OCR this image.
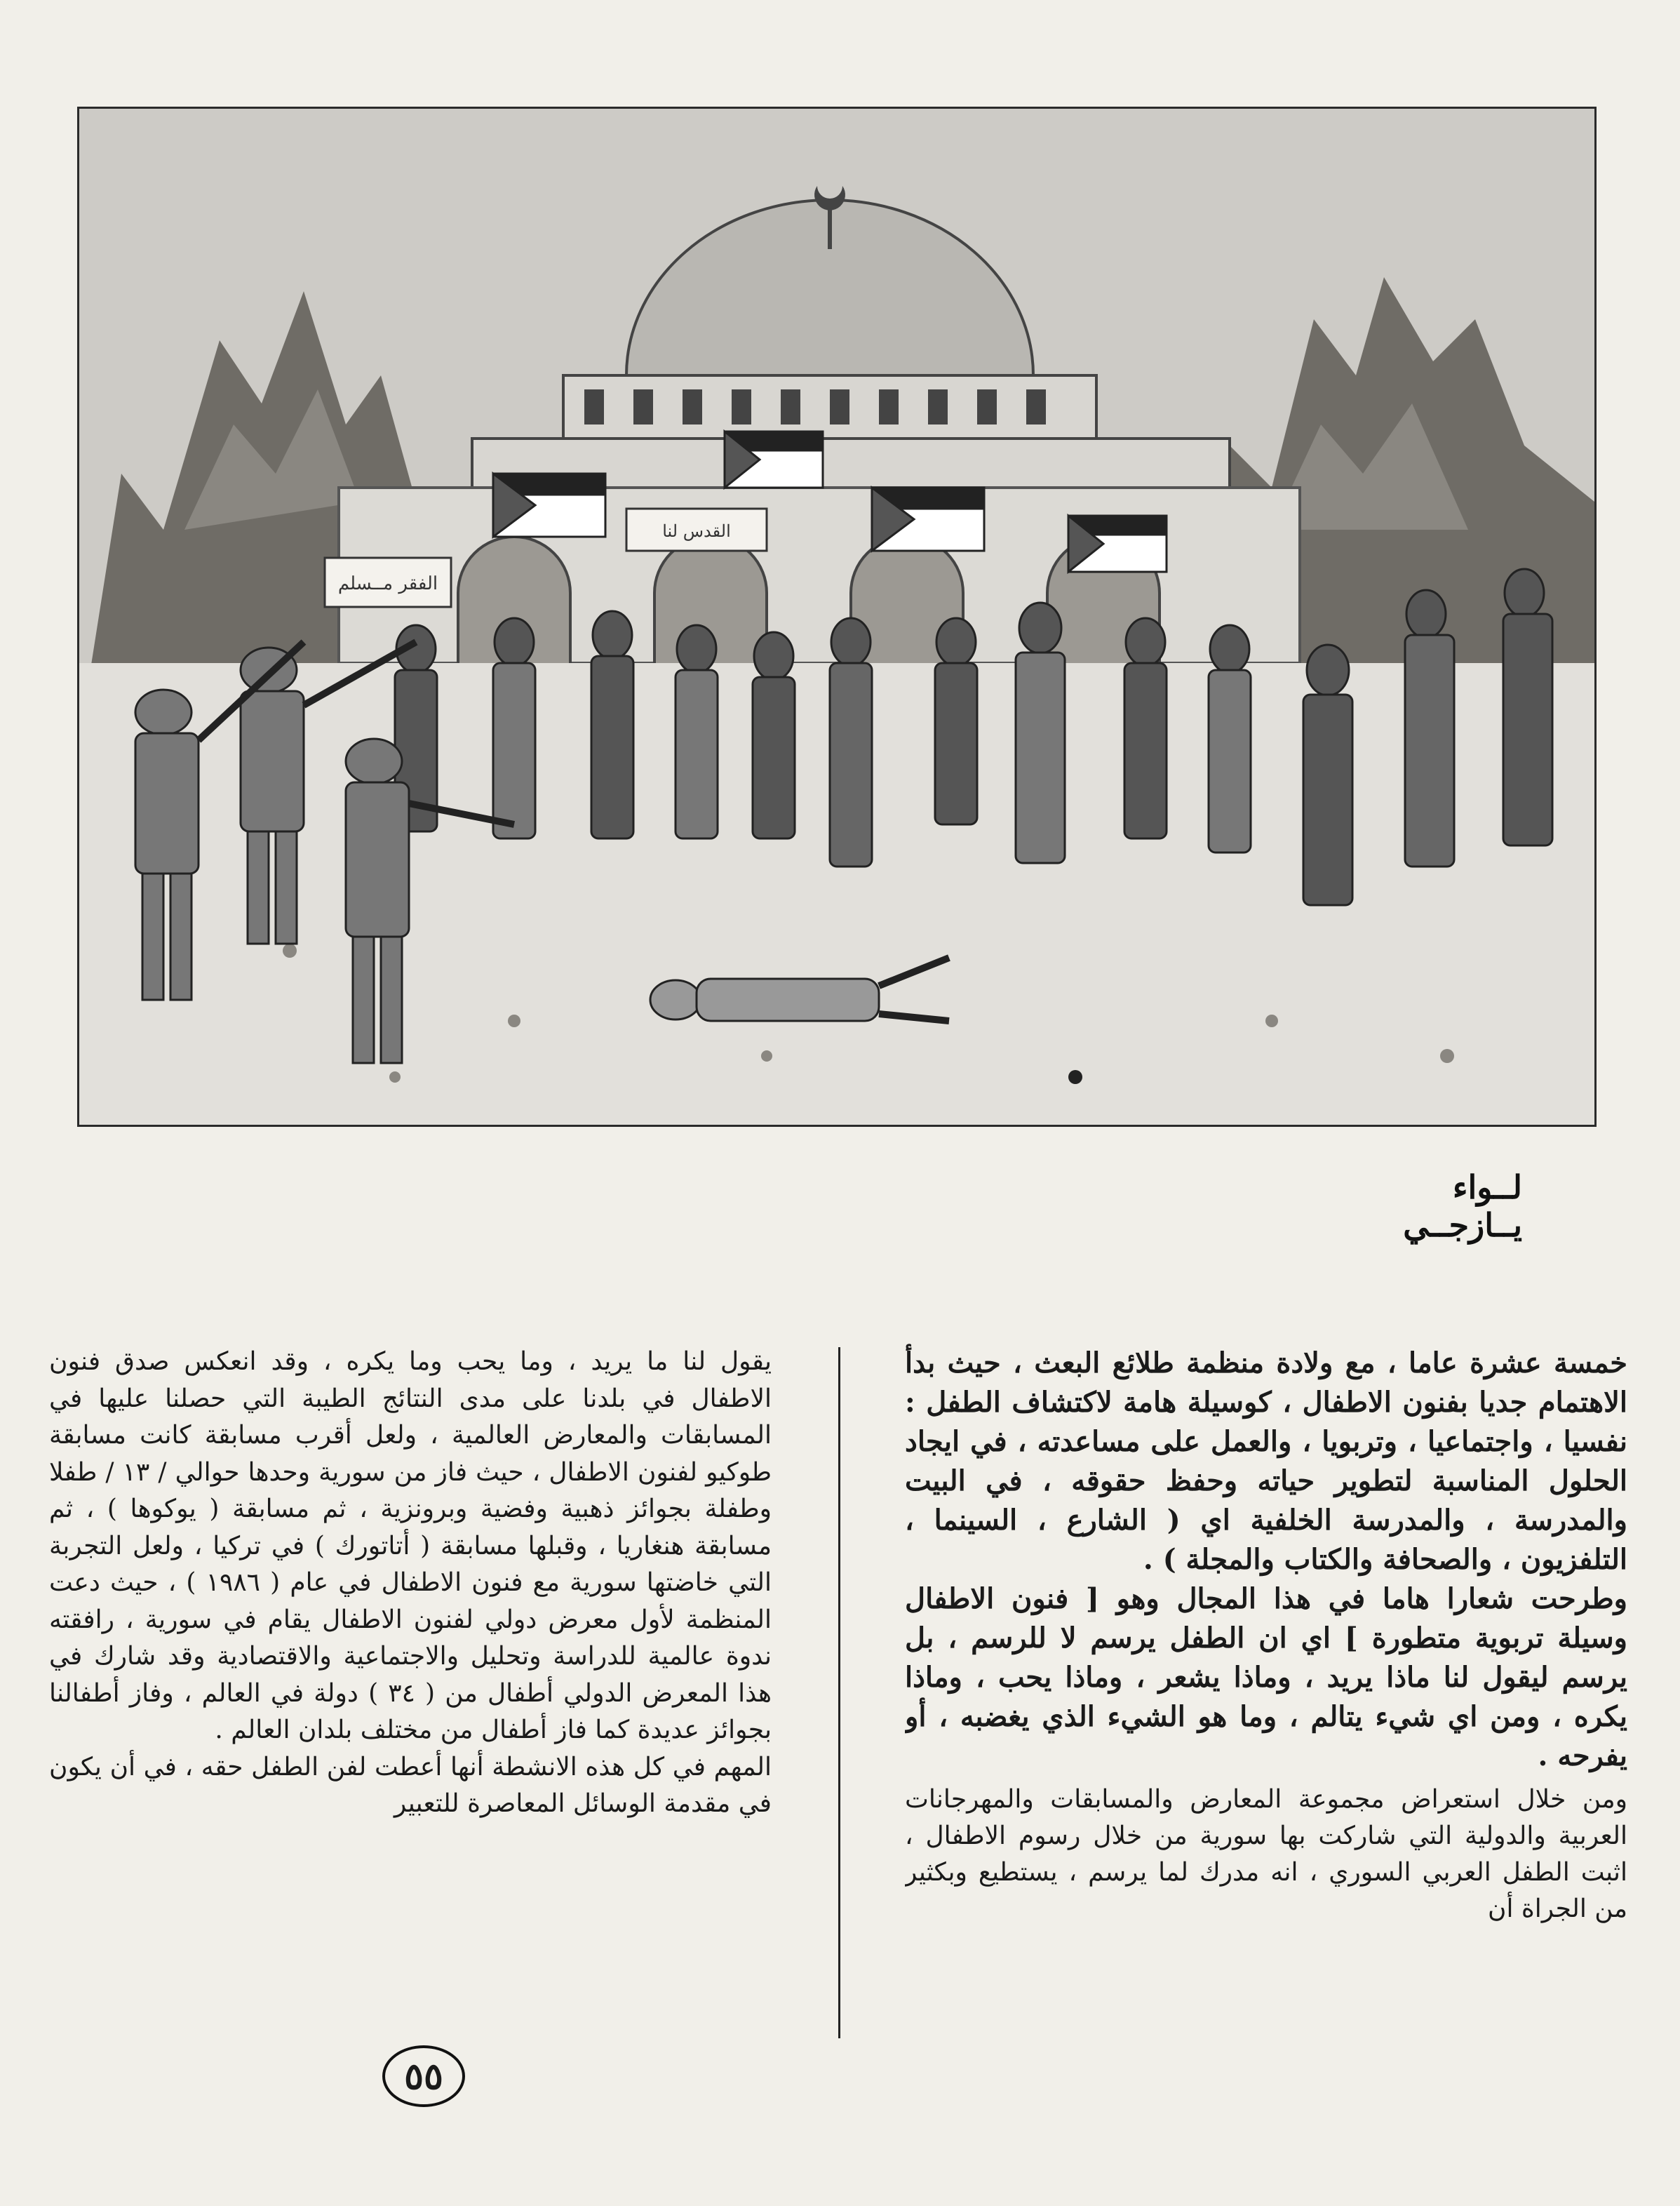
الفقر مــسلم
القدس لنا
لــواء يــازجــي

خمسة عشرة عاما ، مع ولادة منظمة طلائع البعث ، حيث بدأ الاهتمام جديا بفنون الاطفال ، كوسيلة هامة لاكتشاف الطفل : نفسيا ، واجتماعيا ، وتربويا ، والعمل على مساعدته ، في ايجاد الحلول المناسبة لتطوير حياته وحفظ حقوقه ، في البيت والمدرسة ، والمدرسة الخلفية اي ( الشارع ، السينما ، التلفزيون ، والصحافة والكتاب والمجلة ) .

وطرحت شعارا هاما في هذا المجال وهو [ فنون الاطفال وسيلة تربوية متطورة ] اي ان الطفل يرسم لا للرسم ، بل يرسم ليقول لنا ماذا يريد ، وماذا يشعر ، وماذا يحب ، وماذا يكره ، ومن اي شيء يتالم ، وما هو الشيء الذي يغضبه ، أو يفرحه .

ومن خلال استعراض مجموعة المعارض والمسابقات والمهرجانات العربية والدولية التي شاركت بها سورية من خلال رسوم الاطفال ، اثبت الطفل العربي السوري ، انه مدرك لما يرسم ، يستطيع وبكثير من الجراة أن

يقول لنا ما يريد ، وما يحب وما يكره ، وقد انعكس صدق فنون الاطفال في بلدنا على مدى النتائج الطيبة التي حصلنا عليها في المسابقات والمعارض العالمية ، ولعل أقرب مسابقة كانت مسابقة طوكيو لفنون الاطفال ، حيث فاز من سورية وحدها حوالي / ١٣ / طفلا وطفلة بجوائز ذهبية وفضية وبرونزية ، ثم مسابقة ( يوكوها ) ، ثم مسابقة هنغاريا ، وقبلها مسابقة ( أتاتورك ) في تركيا ، ولعل التجربة التي خاضتها سورية مع فنون الاطفال في عام ( ١٩٨٦ ) ، حيث دعت المنظمة لأول معرض دولي لفنون الاطفال يقام في سورية ، رافقته ندوة عالمية للدراسة وتحليل والاجتماعية والاقتصادية وقد شارك في هذا المعرض الدولي أطفال من ( ٣٤ ) دولة في العالم ، وفاز أطفالنا بجوائز عديدة كما فاز أطفال من مختلف بلدان العالم .

المهم في كل هذه الانشطة أنها أعطت لفن الطفل حقه ، في أن يكون في مقدمة الوسائل المعاصرة للتعبير

٥٥
